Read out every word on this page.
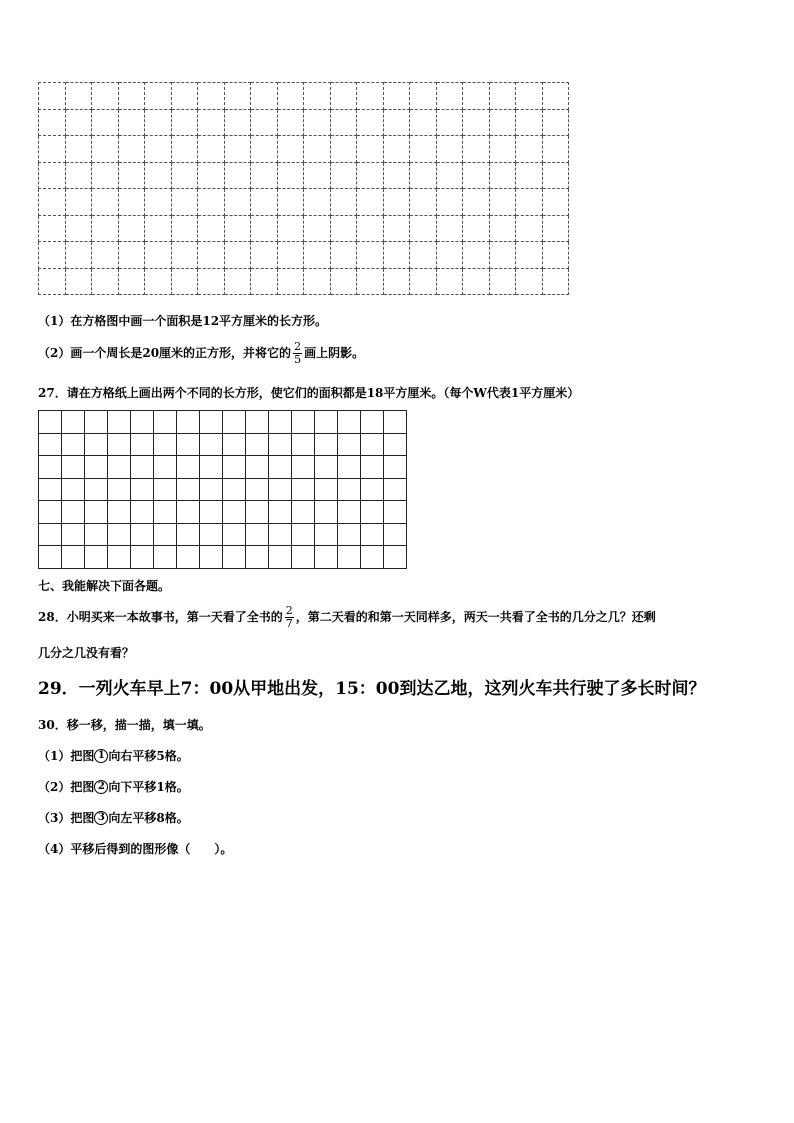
（1）在方格图中画一个面积是12平方厘米的长方形。
（2）画一个周长是20厘米的正方形，并将它的 $\frac{2}{5}$ 画上阴影。
27．请在方格纸上画出两个不同的长方形，使它们的面积都是18平方厘米。（每个W代表1平方厘米）

七、我能解决下面各题。
28．小明买来一本故事书，第一天看了全书的 $\frac{2}{7}$ ，第二天看的和第一天同样多，两天一共看了全书的几分之几？还剩
几分之几没有看？
29．一列火车早上7：00从甲地出发，15：00到达乙地，这列火车共行驶了多长时间？
30．移一移，描一描，填一填。
（1）把图 1 向右平移5格。
（2）把图 2 向下平移1格。
（3）把图 3 向左平移8格。
（4）平移后得到的图形像（　　）。
